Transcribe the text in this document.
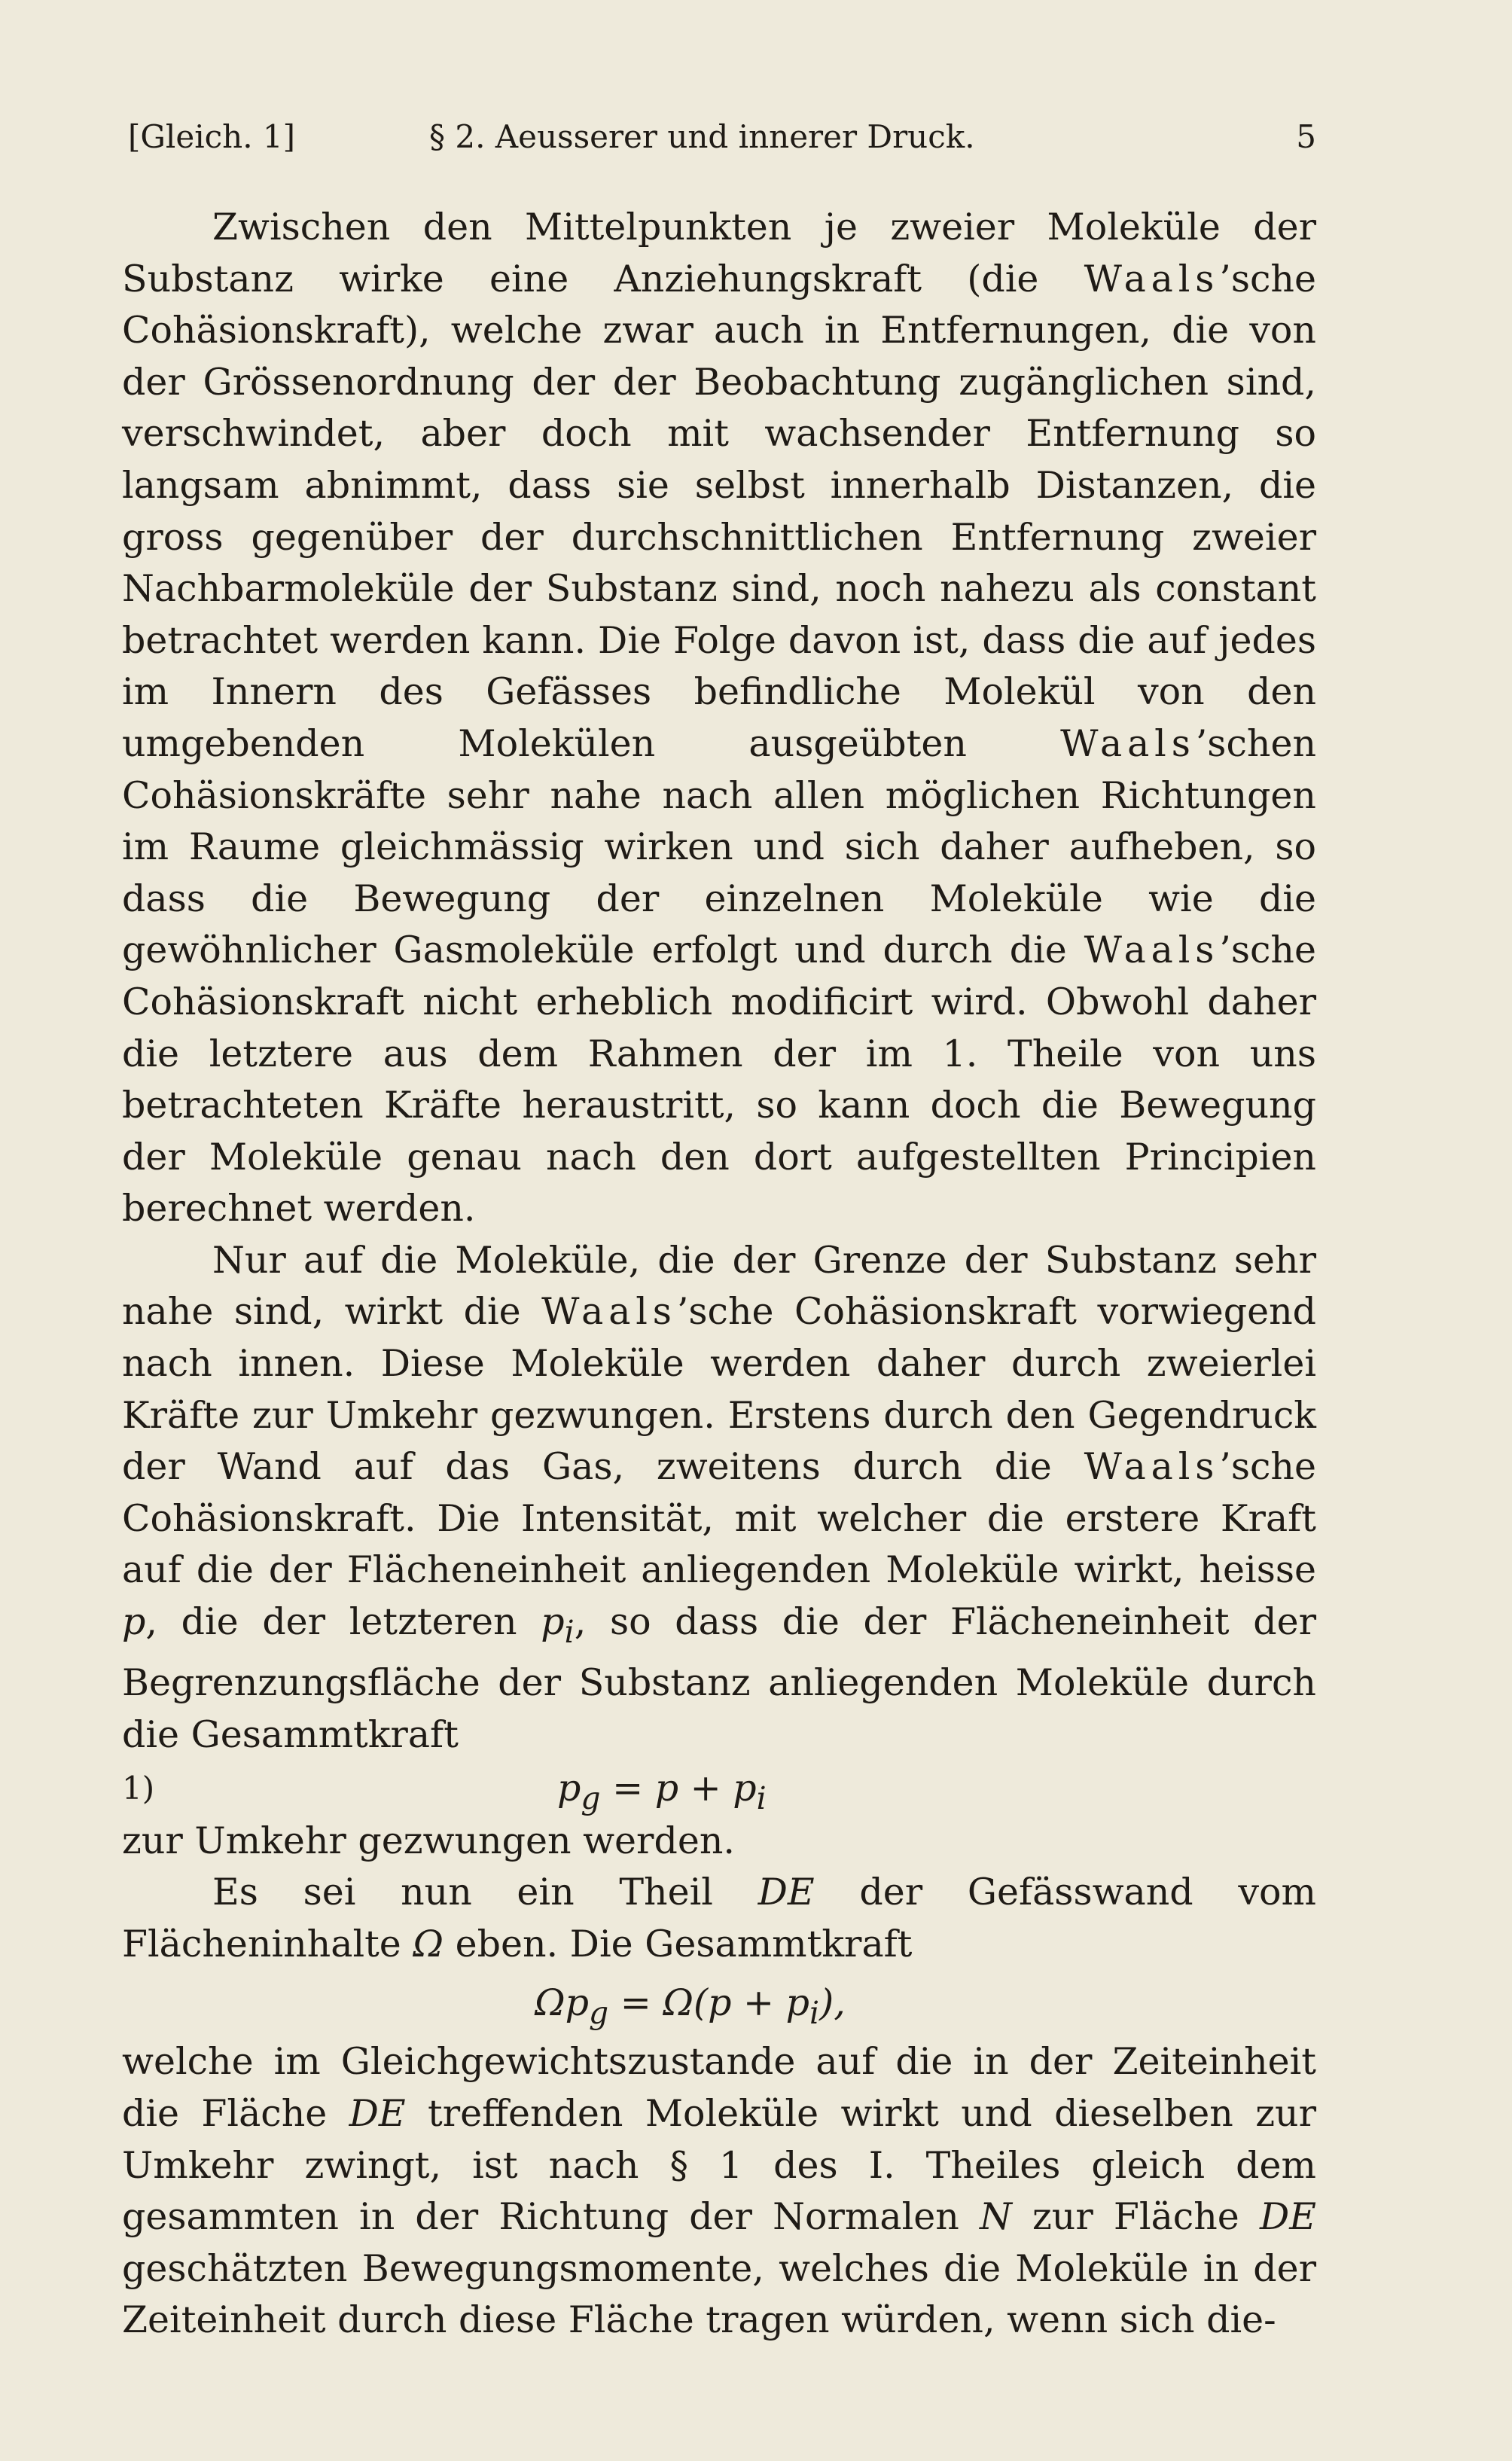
[Gleich. 1]	§ 2. Aeusserer und innerer Druck.	5

Zwischen den Mittelpunkten je zweier Moleküle der Substanz wirke eine Anziehungskraft (die Waals’sche Cohäsionskraft), welche zwar auch in Entfernungen, die von der Grössenordnung der der Beobachtung zugänglichen sind, verschwindet, aber doch mit wachsender Entfernung so langsam abnimmt, dass sie selbst innerhalb Distanzen, die gross gegenüber der durchschnittlichen Entfernung zweier Nachbarmoleküle der Substanz sind, noch nahezu als constant betrachtet werden kann. Die Folge davon ist, dass die auf jedes im Innern des Gefässes befindliche Molekül von den umgebenden Molekülen ausgeübten Waals’schen Cohäsionskräfte sehr nahe nach allen möglichen Richtungen im Raume gleichmässig wirken und sich daher aufheben, so dass die Bewegung der einzelnen Moleküle wie die gewöhnlicher Gasmoleküle erfolgt und durch die Waals’sche Cohäsionskraft nicht erheblich modificirt wird. Obwohl daher die letztere aus dem Rahmen der im 1. Theile von uns betrachteten Kräfte heraustritt, so kann doch die Bewegung der Moleküle genau nach den dort aufgestellten Principien berechnet werden.

Nur auf die Moleküle, die der Grenze der Substanz sehr nahe sind, wirkt die Waals’sche Cohäsionskraft vorwiegend nach innen. Diese Moleküle werden daher durch zweierlei Kräfte zur Umkehr gezwungen. Erstens durch den Gegendruck der Wand auf das Gas, zweitens durch die Waals’sche Cohäsionskraft. Die Intensität, mit welcher die erstere Kraft auf die der Flächeneinheit anliegenden Moleküle wirkt, heisse p, die der letzteren $p_i$, so dass die der Flächeneinheit der Begrenzungsfläche der Substanz anliegenden Moleküle durch die Gesammtkraft

1)	$p_g = p + p_i$

zur Umkehr gezwungen werden.

Es sei nun ein Theil DE der Gefässwand vom Flächeninhalte Ω eben. Die Gesammtkraft

$\Omega p_g = \Omega(p + p_i)$,

welche im Gleichgewichtszustande auf die in der Zeiteinheit die Fläche DE treffenden Moleküle wirkt und dieselben zur Umkehr zwingt, ist nach § 1 des I. Theiles gleich dem gesammten in der Richtung der Normalen N zur Fläche DE geschätzten Bewegungsmomente, welches die Moleküle in der Zeiteinheit durch diese Fläche tragen würden, wenn sich die-
